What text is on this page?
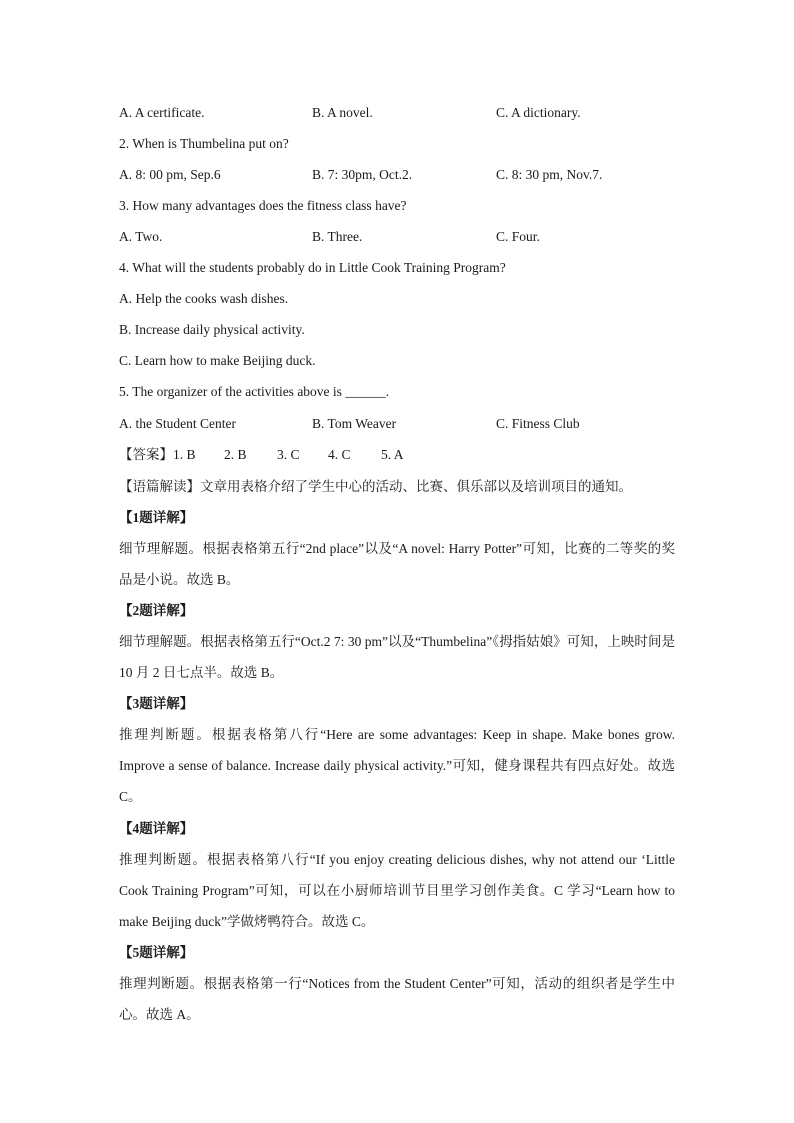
A. A certificate.	B. A novel.	C. A dictionary.
2. When is Thumbelina put on?
A. 8: 00 pm, Sep.6	B. 7: 30pm, Oct.2.	C. 8: 30 pm, Nov.7.
3. How many advantages does the fitness class have?
A. Two.	B. Three.	C. Four.
4. What will the students probably do in Little Cook Training Program?
A. Help the cooks wash dishes.
B. Increase daily physical activity.
C. Learn how to make Beijing duck.
5. The organizer of the activities above is ______.
A. the Student Center	B. Tom Weaver	C. Fitness Club
【答案】1. B 2. B 3. C 4. C 5. A
【语篇解读】文章用表格介绍了学生中心的活动、比赛、俱乐部以及培训项目的通知。
【1题详解】
细节理解题。根据表格第五行“2nd place”以及“A novel: Harry Potter”可知，比赛的二等奖的奖品是小说。故选 B。
【2题详解】
细节理解题。根据表格第五行“Oct.2 7: 30 pm”以及“Thumbelina”《拇指姑娘》可知，上映时间是 10 月 2 日七点半。故选 B。
【3题详解】
推理判断题。根据表格第八行“Here are some advantages: Keep in shape. Make bones grow. Improve a sense of balance. Increase daily physical activity.”可知，健身课程共有四点好处。故选 C。
【4题详解】
推理判断题。根据表格第八行“If you enjoy creating delicious dishes, why not attend our ‘Little Cook Training Program”可知，可以在小厨师培训节目里学习创作美食。C 学习“Learn how to make Beijing duck”学做烤鸭符合。故选 C。
【5题详解】
推理判断题。根据表格第一行“Notices from the Student Center”可知，活动的组织者是学生中心。故选 A。
